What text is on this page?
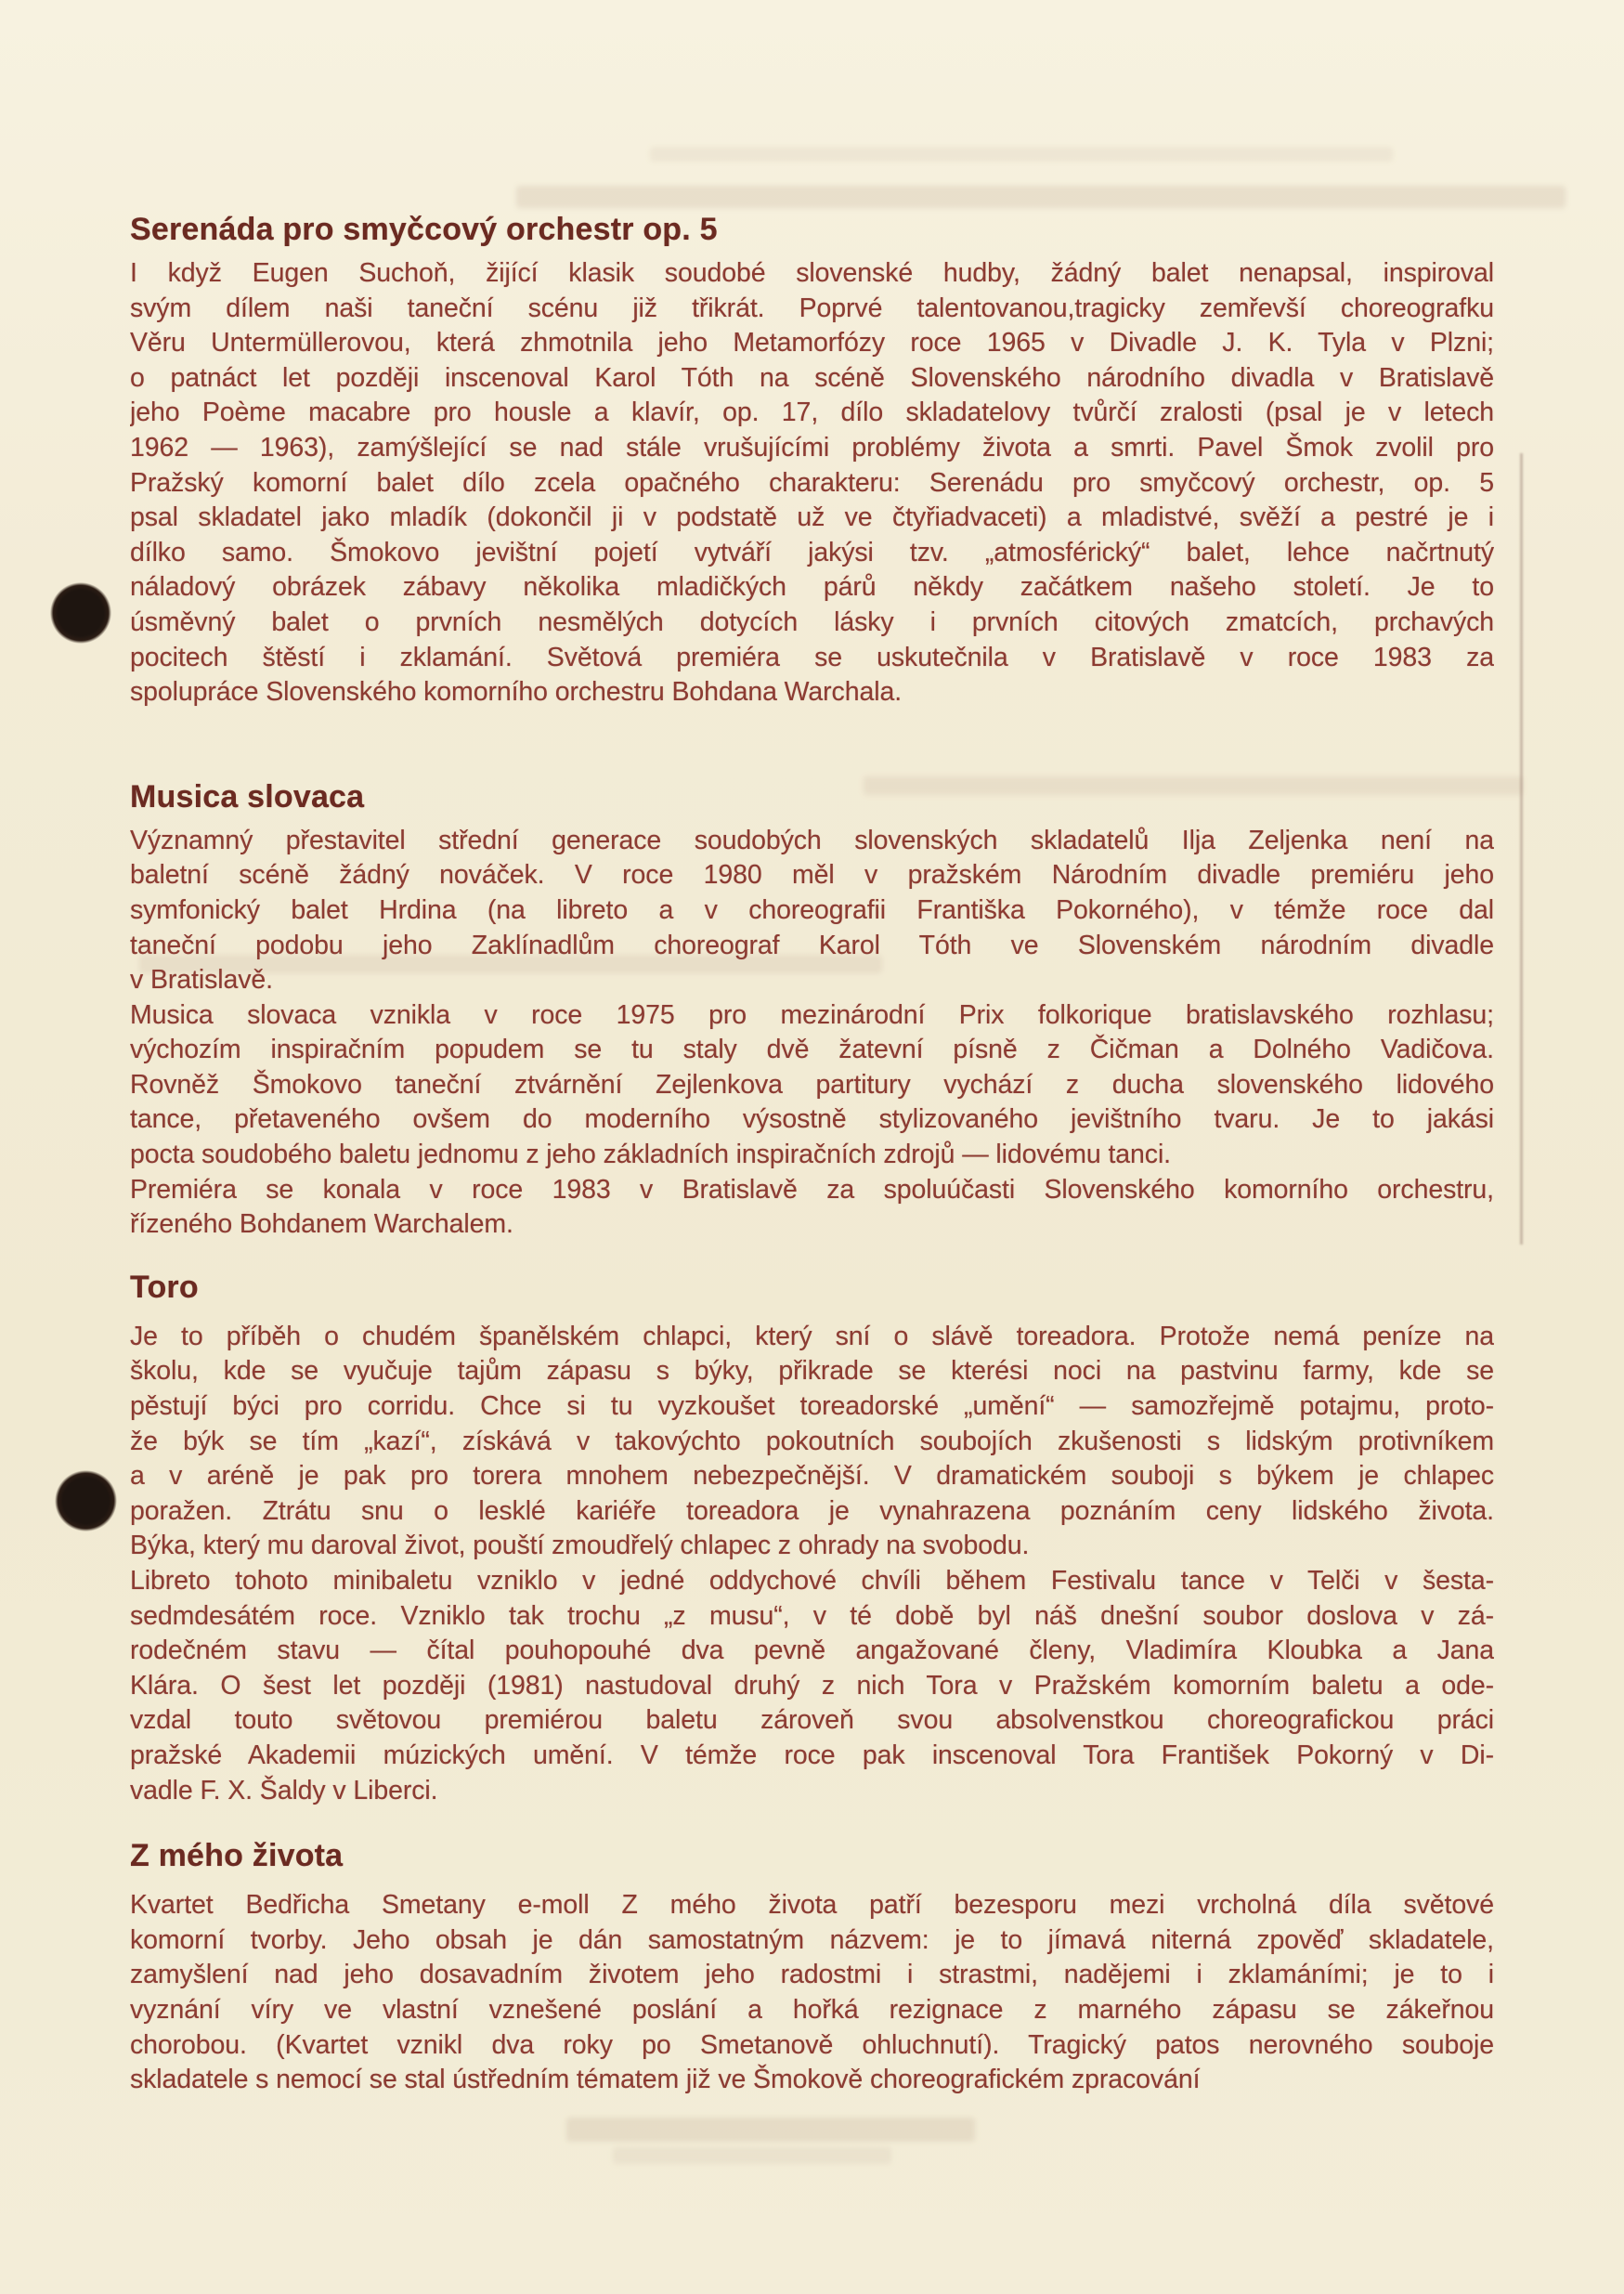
Serenáda pro smyčcový orchestr op. 5
I když Eugen Suchoň, žijící klasik soudobé slovenské hudby, žádný balet nenapsal, inspiroval
svým dílem naši taneční scénu již třikrát. Poprvé talentovanou,tragicky zemřevší choreografku
Věru Untermüllerovou, která zhmotnila jeho Metamorfózy roce 1965 v Divadle J. K. Tyla v Plzni;
o patnáct let později inscenoval Karol Tóth na scéně Slovenského národního divadla v Bratislavě
jeho Poème macabre pro housle a klavír, op. 17, dílo skladatelovy tvůrčí zralosti (psal je v letech
1962 — 1963), zamýšlející se nad stále vrušujícími problémy života a smrti. Pavel Šmok zvolil pro
Pražský komorní balet dílo zcela opačného charakteru: Serenádu pro smyčcový orchestr, op. 5
psal skladatel jako mladík (dokončil ji v podstatě už ve čtyřiadvaceti) a mladistvé, svěží a pestré je i
dílko samo. Šmokovo jevištní pojetí vytváří jakýsi tzv. „atmosférický“ balet, lehce načrtnutý
náladový obrázek zábavy několika mladičkých párů někdy začátkem našeho století. Je to
úsměvný balet o prvních nesmělých dotycích lásky i prvních citových zmatcích, prchavých
pocitech štěstí i zklamání. Světová premiéra se uskutečnila v Bratislavě v roce 1983 za
spolupráce Slovenského komorního orchestru Bohdana Warchala.
Musica slovaca
Významný přestavitel střední generace soudobých slovenských skladatelů Ilja Zeljenka není na
baletní scéně žádný nováček. V roce 1980 měl v pražském Národním divadle premiéru jeho
symfonický balet Hrdina (na libreto a v choreografii Františka Pokorného), v témže roce dal
taneční podobu jeho Zaklínadlům choreograf Karol Tóth ve Slovenském národním divadle
v Bratislavě.
Musica slovaca vznikla v roce 1975 pro mezinárodní Prix folkorique bratislavského rozhlasu;
výchozím inspiračním popudem se tu staly dvě žatevní písně z Čičman a Dolného Vadičova.
Rovněž Šmokovo taneční ztvárnění Zejlenkova partitury vychází z ducha slovenského lidového
tance, přetaveného ovšem do moderního výsostně stylizovaného jevištního tvaru. Je to jakási
pocta soudobého baletu jednomu z jeho základních inspiračních zdrojů — lidovému tanci.
Premiéra se konala v roce 1983 v Bratislavě za spoluúčasti Slovenského komorního orchestru,
řízeného Bohdanem Warchalem.
Toro
Je to příběh o chudém španělském chlapci, který sní o slávě toreadora. Protože nemá peníze na
školu, kde se vyučuje tajům zápasu s býky, přikrade se kterési noci na pastvinu farmy, kde se
pěstují býci pro corridu. Chce si tu vyzkoušet toreadorské „umění“ — samozřejmě potajmu, proto-
že býk se tím „kazí“, získává v takovýchto pokoutních soubojích zkušenosti s lidským protivníkem
a v aréně je pak pro torera mnohem nebezpečnější. V dramatickém souboji s býkem je chlapec
poražen. Ztrátu snu o lesklé kariéře toreadora je vynahrazena poznáním ceny lidského života.
Býka, který mu daroval život, pouští zmoudřelý chlapec z ohrady na svobodu.
Libreto tohoto minibaletu vzniklo v jedné oddychové chvíli během Festivalu tance v Telči v šesta-
sedmdesátém roce. Vzniklo tak trochu „z musu“, v té době byl náš dnešní soubor doslova v zá-
rodečném stavu — čítal pouhopouhé dva pevně angažované členy, Vladimíra Kloubka a Jana
Klára. O šest let později (1981) nastudoval druhý z nich Tora v Pražském komorním baletu a ode-
vzdal touto světovou premiérou baletu zároveň svou absolvenstkou choreografickou práci
pražské Akademii múzických umění. V témže roce pak inscenoval Tora František Pokorný v Di-
vadle F. X. Šaldy v Liberci.
Z mého života
Kvartet Bedřicha Smetany e-moll Z mého života patří bezesporu mezi vrcholná díla světové
komorní tvorby. Jeho obsah je dán samostatným názvem: je to jímavá niterná zpověď skladatele,
zamyšlení nad jeho dosavadním životem jeho radostmi i strastmi, nadějemi i zklamáními; je to i
vyznání víry ve vlastní vznešené poslání a hořká rezignace z marného zápasu se zákeřnou
chorobou. (Kvartet vznikl dva roky po Smetanově ohluchnutí). Tragický patos nerovného souboje
skladatele s nemocí se stal ústředním tématem již ve Šmokově choreografickém zpracování
